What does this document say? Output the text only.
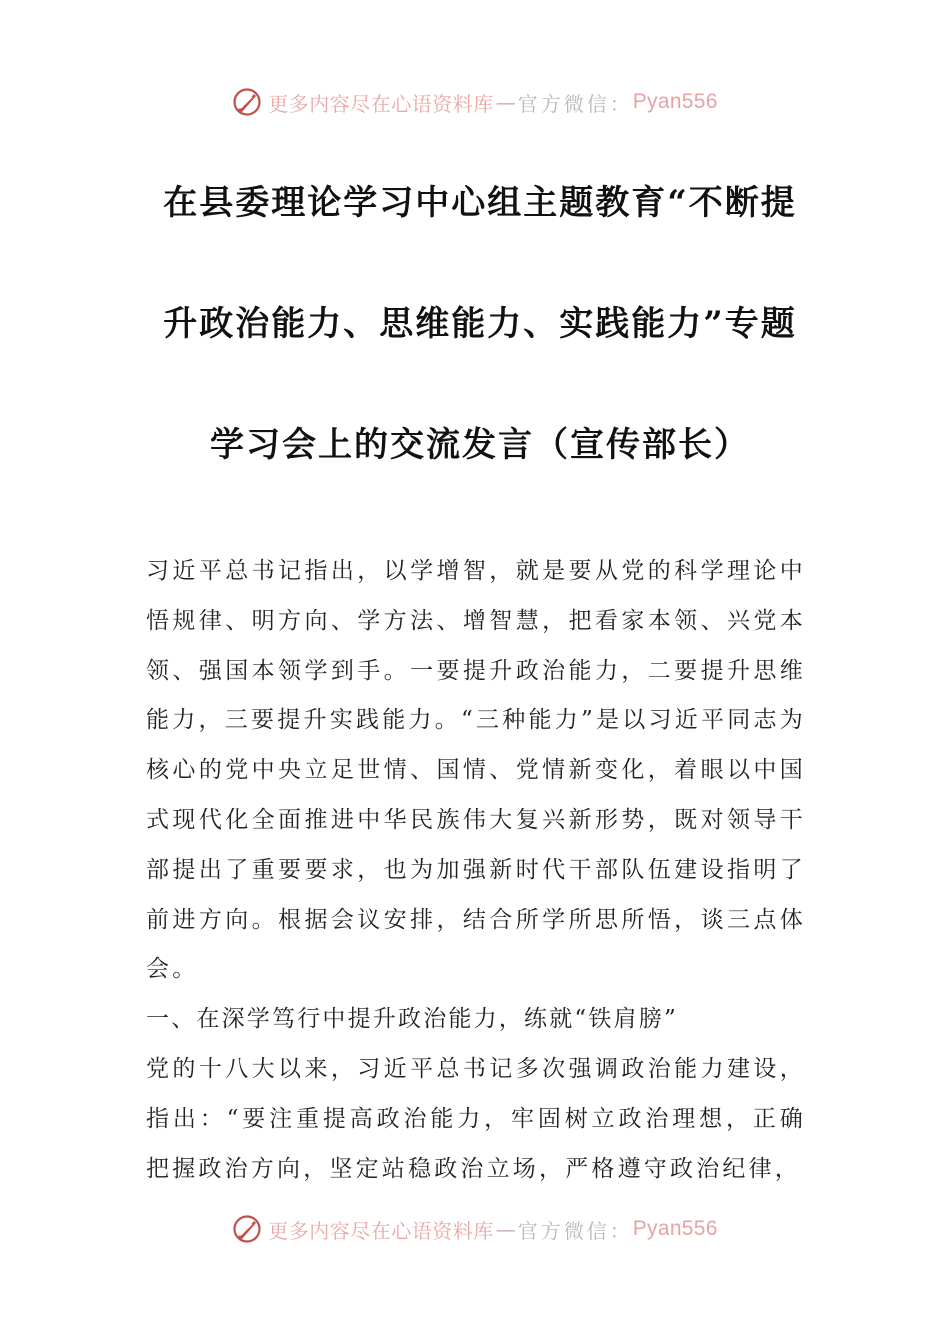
更多内容尽在心语资料库 — 官方微信： Pyan556
在县委理论学习中心组主题教育“不断提
升政治能力、思维能力、实践能力”专题
学习会上的交流发言（宣传部长）

习近平总书记指出，以学增智，就是要从党的科学理论中悟规律、明方向、学方法、增智慧，把看家本领、兴党本领、强国本领学到手。一要提升政治能力，二要提升思维能力，三要提升实践能力。“三种能力”是以习近平同志为核心的党中央立足世情、国情、党情新变化，着眼以中国式现代化全面推进中华民族伟大复兴新形势，既对领导干部提出了重要要求，也为加强新时代干部队伍建设指明了前进方向。根据会议安排，结合所学所思所悟，谈三点体会。

一、在深学笃行中提升政治能力，练就“铁肩膀”

党的十八大以来，习近平总书记多次强调政治能力建设，指出：“要注重提高政治能力，牢固树立政治理想，正确把握政治方向，坚定站稳政治立场，严格遵守政治纪律，

更多内容尽在心语资料库 — 官方微信： Pyan556
